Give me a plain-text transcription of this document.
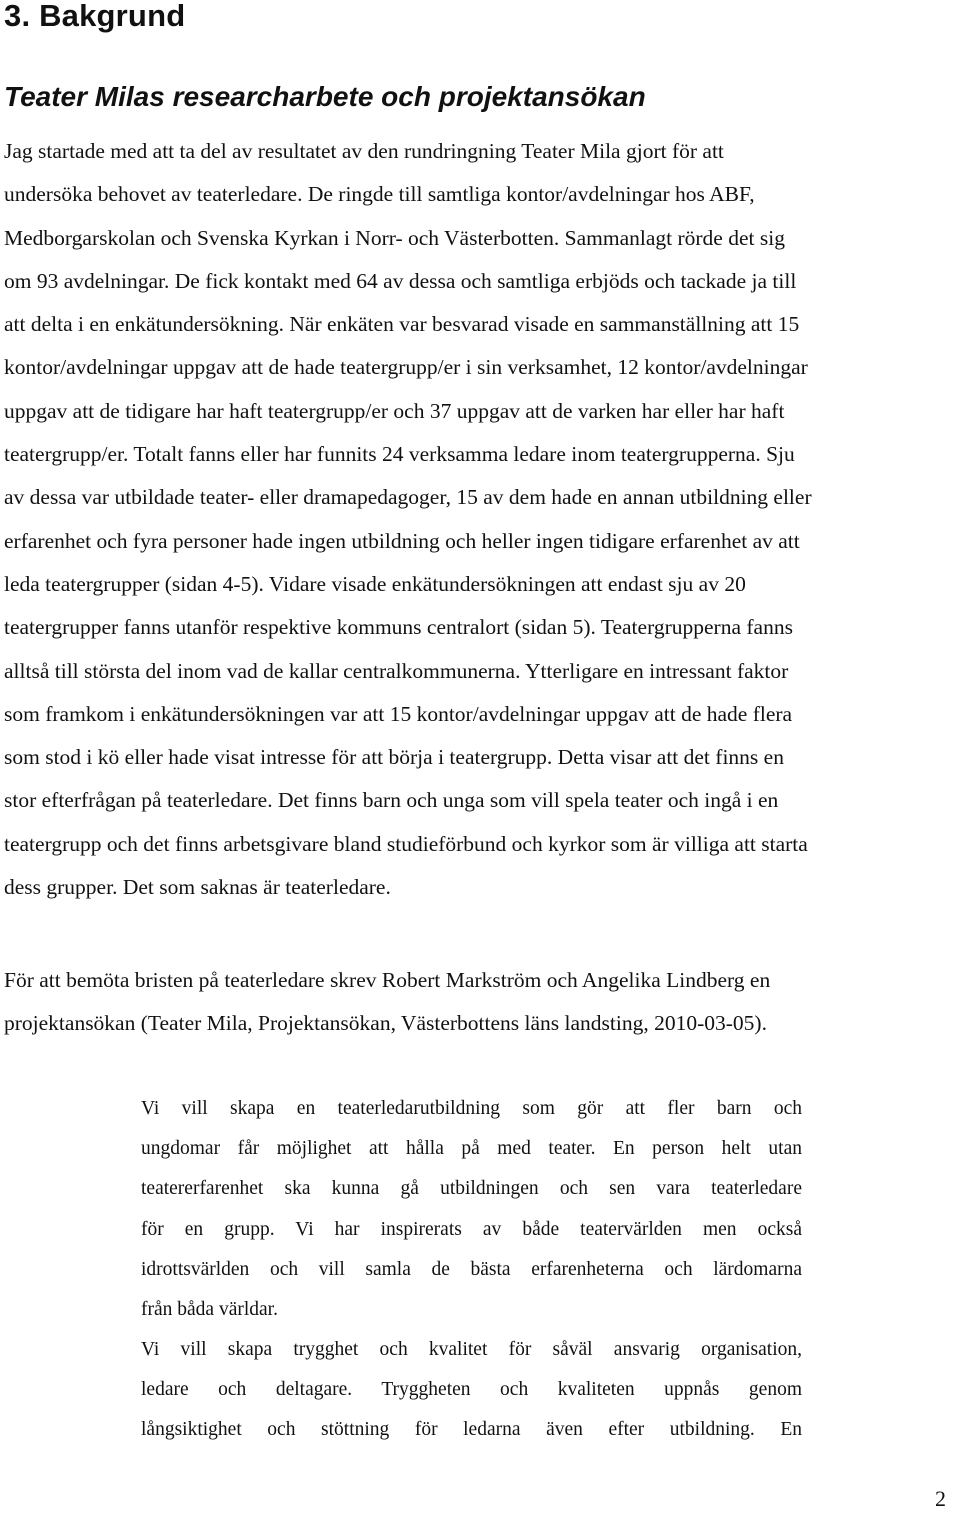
3. Bakgrund
Teater Milas researcharbete och projektansökan

Jag startade med att ta del av resultatet av den rundringning Teater Mila gjort för att
undersöka behovet av teaterledare. De ringde till samtliga kontor/avdelningar hos ABF,
Medborgarskolan och Svenska Kyrkan i Norr- och Västerbotten. Sammanlagt rörde det sig
om 93 avdelningar. De fick kontakt med 64 av dessa och samtliga erbjöds och tackade ja till
att delta i en enkätundersökning. När enkäten var besvarad visade en sammanställning att 15
kontor/avdelningar uppgav att de hade teatergrupp/er i sin verksamhet, 12 kontor/avdelningar
uppgav att de tidigare har haft teatergrupp/er och 37 uppgav att de varken har eller har haft
teatergrupp/er. Totalt fanns eller har funnits 24 verksamma ledare inom teatergrupperna. Sju
av dessa var utbildade teater- eller dramapedagoger, 15 av dem hade en annan utbildning eller
erfarenhet och fyra personer hade ingen utbildning och heller ingen tidigare erfarenhet av att
leda teatergrupper (sidan 4-5). Vidare visade enkätundersökningen att endast sju av 20
teatergrupper fanns utanför respektive kommuns centralort (sidan 5). Teatergrupperna fanns
alltså till största del inom vad de kallar centralkommunerna. Ytterligare en intressant faktor
som framkom i enkätundersökningen var att 15 kontor/avdelningar uppgav att de hade flera
som stod i kö eller hade visat intresse för att börja i teatergrupp. Detta visar att det finns en
stor efterfrågan på teaterledare. Det finns barn och unga som vill spela teater och ingå i en
teatergrupp och det finns arbetsgivare bland studieförbund och kyrkor som är villiga att starta
dess grupper. Det som saknas är teaterledare.

För att bemöta bristen på teaterledare skrev Robert Markström och Angelika Lindberg en
projektansökan (Teater Mila, Projektansökan, Västerbottens läns landsting, 2010-03-05).

Vi vill skapa en teaterledarutbildning som gör att fler barn och
ungdomar får möjlighet att hålla på med teater. En person helt utan
teatererfarenhet ska kunna gå utbildningen och sen vara teaterledare
för en grupp. Vi har inspirerats av både teatervärlden men också
idrottsvärlden och vill samla de bästa erfarenheterna och lärdomarna
från båda världar.
Vi vill skapa trygghet och kvalitet för såväl ansvarig organisation,
ledare och deltagare. Tryggheten och kvaliteten uppnås genom
långsiktighet och stöttning för ledarna även efter utbildning. En
2
